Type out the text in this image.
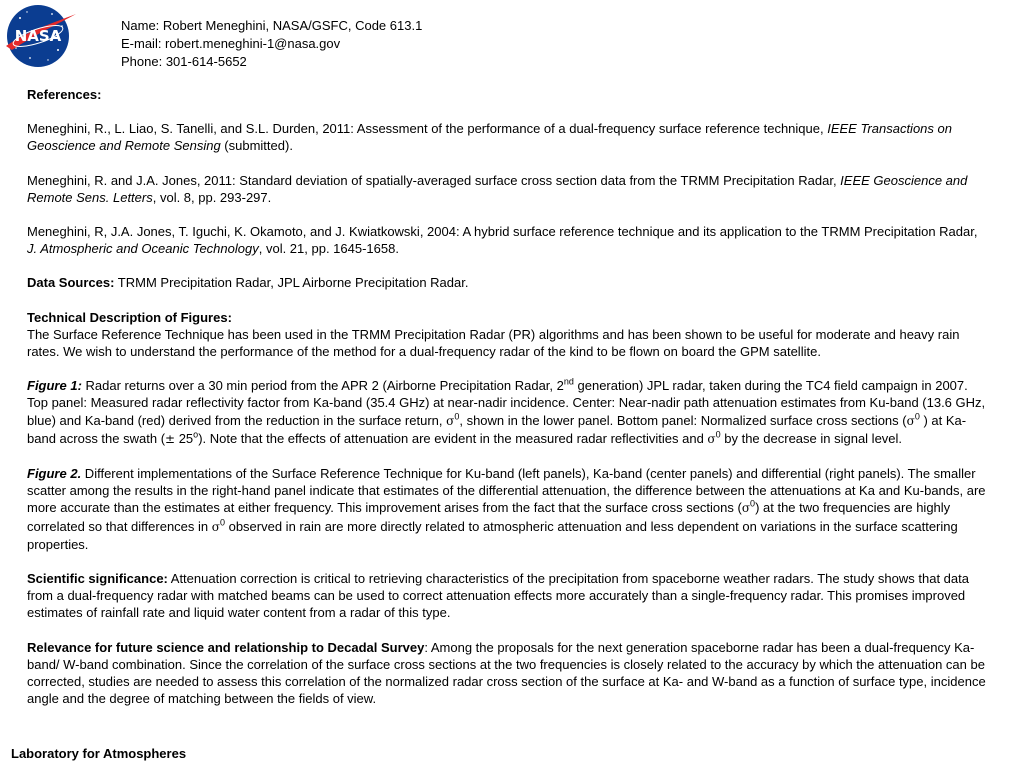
NASA
Name: Robert Meneghini, NASA/GSFC, Code 613.1
E-mail: robert.meneghini-1@nasa.gov
Phone: 301-614-5652

References:

Meneghini, R., L. Liao, S. Tanelli, and S.L. Durden, 2011: Assessment of the performance of a dual-frequency surface reference technique, IEEE Transactions on Geoscience and Remote Sensing (submitted).

Meneghini, R. and J.A. Jones, 2011: Standard deviation of spatially-averaged surface cross section data from the TRMM Precipitation Radar, IEEE Geoscience and Remote Sens. Letters, vol. 8, pp. 293-297.

Meneghini, R, J.A. Jones, T. Iguchi, K. Okamoto, and J. Kwiatkowski, 2004: A hybrid surface reference technique and its application to the TRMM Precipitation Radar, J. Atmospheric and Oceanic Technology, vol. 21, pp. 1645-1658.

Data Sources: TRMM Precipitation Radar, JPL Airborne Precipitation Radar.

Technical Description of Figures:
The Surface Reference Technique has been used in the TRMM Precipitation Radar (PR) algorithms and has been shown to be useful for moderate and heavy rain rates. We wish to understand the performance of the method for a dual-frequency radar of the kind to be flown on board the GPM satellite.

Figure 1: Radar returns over a 30 min period from the APR 2 (Airborne Precipitation Radar, 2nd generation) JPL radar, taken during the TC4 field campaign in 2007. Top panel: Measured radar reflectivity factor from Ka-band (35.4 GHz) at near-nadir incidence. Center: Near-nadir path attenuation estimates from Ku-band (13.6 GHz, blue) and Ka-band (red) derived from the reduction in the surface return, $\sigma^0$, shown in the lower panel. Bottom panel: Normalized surface cross sections ($\sigma^0$ ) at Ka-band across the swath (± $25^o$). Note that the effects of attenuation are evident in the measured radar reflectivities and $\sigma^0$ by the decrease in signal level.

Figure 2. Different implementations of the Surface Reference Technique for Ku-band (left panels), Ka-band (center panels) and differential (right panels). The smaller scatter among the results in the right-hand panel indicate that estimates of the differential attenuation, the difference between the attenuations at Ka and Ku-bands, are more accurate than the estimates at either frequency. This improvement arises from the fact that the surface cross sections $(\sigma^0)$ at the two frequencies are highly correlated so that differences in $\sigma^0$ observed in rain are more directly related to atmospheric attenuation and less dependent on variations in the surface scattering properties.

Scientific significance: Attenuation correction is critical to retrieving characteristics of the precipitation from spaceborne weather radars. The study shows that data from a dual-frequency radar with matched beams can be used to correct attenuation effects more accurately than a single-frequency radar. This promises improved estimates of rainfall rate and liquid water content from a radar of this type.

Relevance for future science and relationship to Decadal Survey: Among the proposals for the next generation spaceborne radar has been a dual-frequency Ka-band/ W-band combination. Since the correlation of the surface cross sections at the two frequencies is closely related to the accuracy by which the attenuation can be corrected, studies are needed to assess this correlation of the normalized radar cross section of the surface at Ka- and W-band as a function of surface type, incidence angle and the degree of matching between the fields of view.

Laboratory for Atmospheres
